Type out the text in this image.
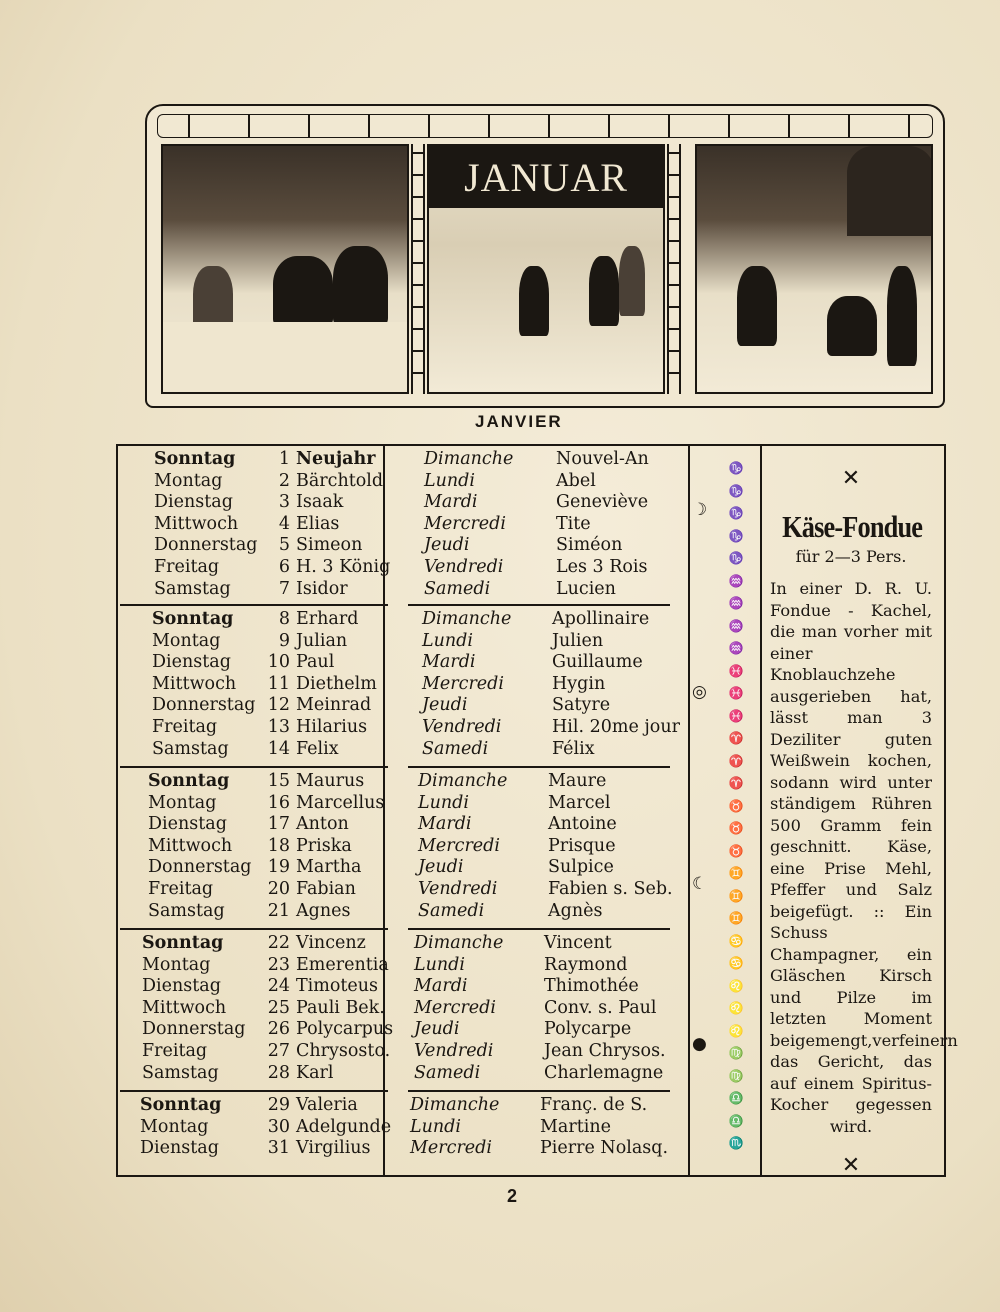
JANUAR
JANVIER
Sonntag	1 Neujahr
Montag	2 Bärchtold
Dienstag	3 Isaak
Mittwoch	4 Elias
Donnerstag	5 Simeon
Freitag	6 H. 3 König
Samstag	7 Isidor
Dimanche Nouvel-An
Lundi	Abel
Mardi	Geneviève
Mercredi	Tite
Jeudi	Siméon
Vendredi	Les 3 Rois
Samedi	Lucien
Sonntag	8 Erhard
Montag	9 Julian
Dienstag	10 Paul
Mittwoch	11 Diethelm
Donnerstag 12 Meinrad
Freitag	13 Hilarius
Samstag	14 Felix
Dimanche Apollinaire
Lundi	Julien
Mardi	Guillaume
Mercredi	Hygin
Jeudi	Satyre
Vendredi	Hil. 20me jour
Samedi	Félix
Sonntag	15 Maurus
Montag	16 Marcellus
Dienstag	17 Anton
Mittwoch	18 Priska
Donnerstag 19 Martha
Freitag	20 Fabian
Samstag	21 Agnes
Dimanche Maure
Lundi	Marcel
Mardi	Antoine
Mercredi	Prisque
Jeudi	Sulpice
Vendredi	Fabien s. Seb.
Samedi	Agnès
Sonntag	22 Vincenz
Montag	23 Emerentia
Dienstag	24 Timoteus
Mittwoch	25 Pauli Bek.
Donnerstag	26 Polycarpus
Freitag	27 Chrysosto.
Samstag	28 Karl
Dimanche Vincent
Lundi	Raymond
Mardi	Thimothée
Mercredi	Conv. s. Paul
Jeudi	Polycarpe
Vendredi	Jean Chrysos.
Samedi	Charlemagne
Sonntag	29 Valeria
Montag	30 Adelgunde
Dienstag	31 Virgilius
Dimanche Franç. de S.
Lundi	Martine
Mercredi	Pierre Nolasq.
♑
♑
♑
♑
♑
♒
♒
♒
♒
♓
♓
♓
♈
♈
♈
♉
♉
♉
♊
♊
♊
♋
♋
♌
♌
♌
♍
♍
♎
♎
♏
☽
◎
☾
●
✕
Käse-Fondue
für 2—3 Pers.
In einer D. R. U. Fondue - Kachel, die man vorher mit einer Knoblauchzehe ausgerieben hat, lässt man 3 Deziliter guten Weißwein kochen, sodann wird unter ständigem Rühren 500 Gramm fein geschnitt. Käse, eine Prise Mehl, Pfeffer und Salz beigefügt. :: Ein Schuss Champagner, ein Gläschen Kirsch und Pilze im letzten Moment beigemengt,verfeinern das Gericht, das auf einem Spiritus-Kocher gegessen wird.
✕
2
